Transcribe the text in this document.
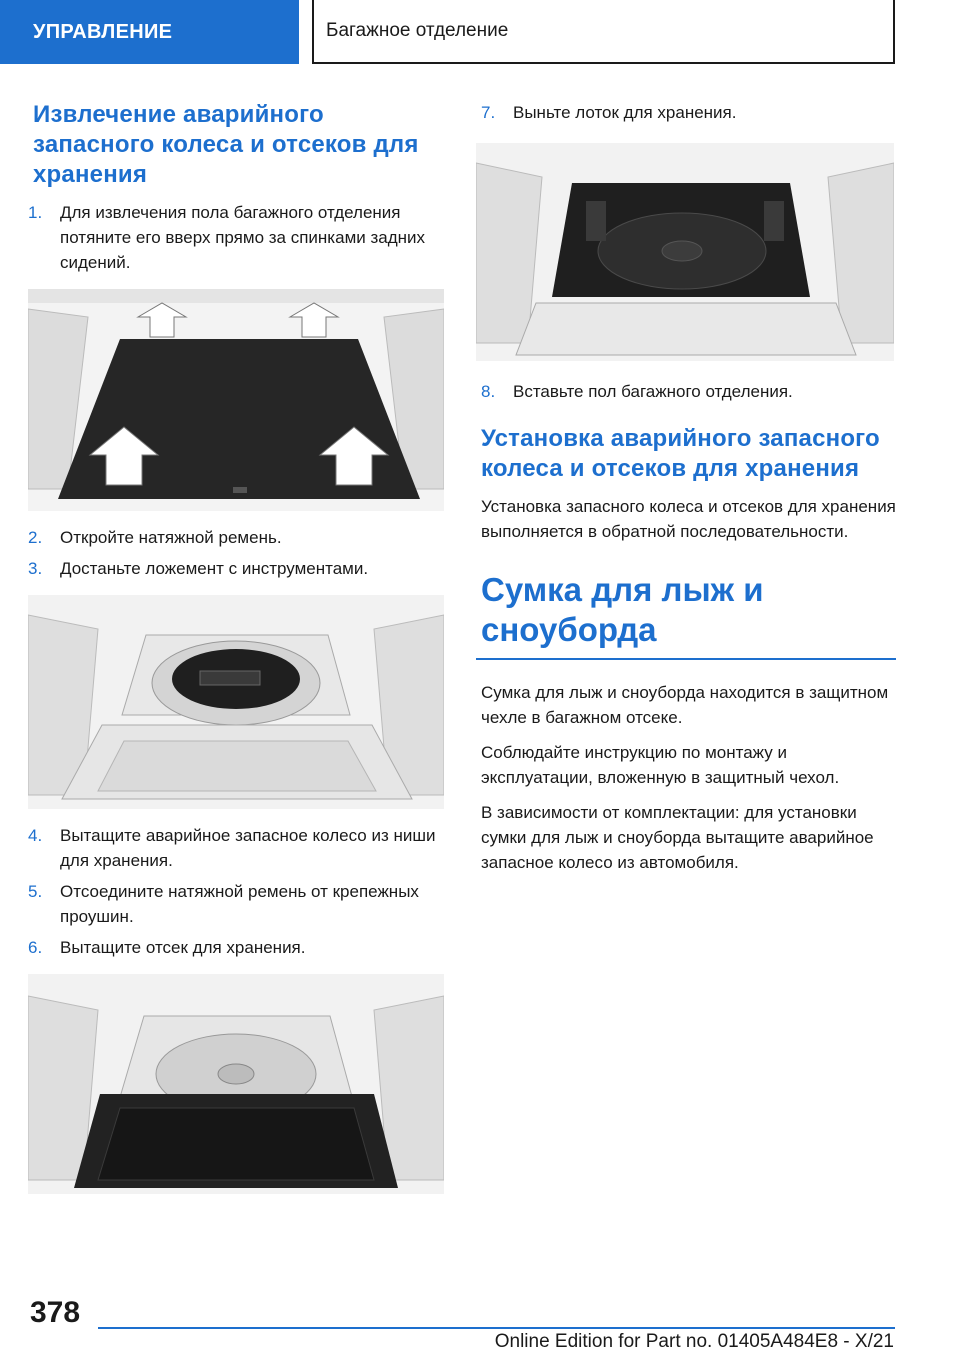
УПРАВЛЕНИЕ	Багажное отделение
Извлечение аварийного запасного колеса и отсеков для хранения
1.	Для извлечения пола багажного отделения потяните его вверх прямо за спинками задних сидений.
2.	Откройте натяжной ремень.
3.	Достаньте ложемент с инструментами.
4.	Вытащите аварийное запасное колесо из ниши для хранения.
5.	Отсоедините натяжной ремень от крепежных проушин.
6.	Вытащите отсек для хранения.
7.	Выньте лоток для хранения.
8.	Вставьте пол багажного отделения.
Установка аварийного запасного колеса и отсеков для хранения

Установка запасного колеса и отсеков для хранения выполняется в обратной последовательности.

Сумка для лыж и сноуборда

Сумка для лыж и сноуборда находится в защитном чехле в багажном отсеке.

Соблюдайте инструкцию по монтажу и эксплуатации, вложенную в защитный чехол.

В зависимости от комплектации: для установки сумки для лыж и сноуборда вытащите аварийное запасное колесо из автомобиля.

378
Online Edition for Part no. 01405A484E8 - X/21
